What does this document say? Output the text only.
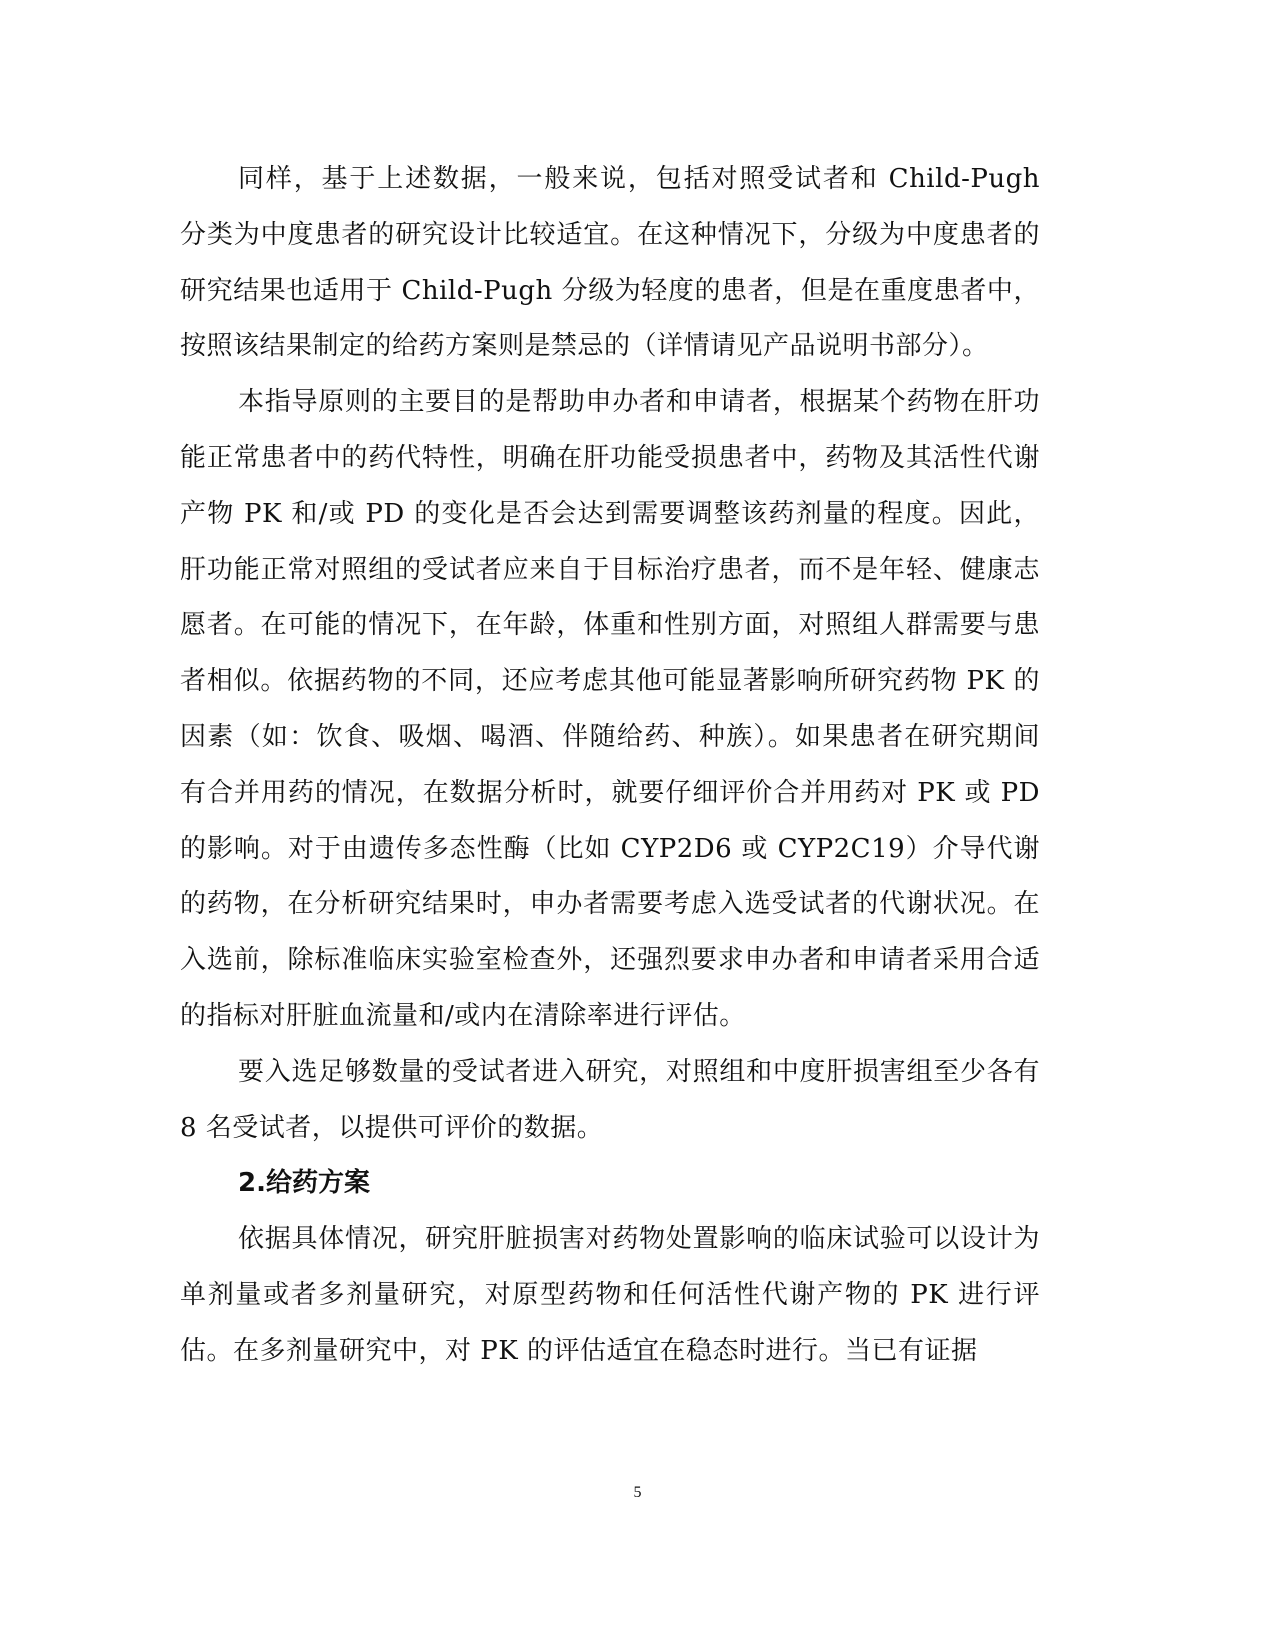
同样，基于上述数据，一般来说，包括对照受试者和 Child-Pugh 分类为中度患者的研究设计比较适宜。在这种情况下，分级为中度患者的研究结果也适用于 Child-Pugh 分级为轻度的患者，但是在重度患者中，按照该结果制定的给药方案则是禁忌的（详情请见产品说明书部分）。

本指导原则的主要目的是帮助申办者和申请者，根据某个药物在肝功能正常患者中的药代特性，明确在肝功能受损患者中，药物及其活性代谢产物 PK 和/或 PD 的变化是否会达到需要调整该药剂量的程度。因此，肝功能正常对照组的受试者应来自于目标治疗患者，而不是年轻、健康志愿者。在可能的情况下，在年龄，体重和性别方面，对照组人群需要与患者相似。依据药物的不同，还应考虑其他可能显著影响所研究药物 PK 的因素（如：饮食、吸烟、喝酒、伴随给药、种族）。如果患者在研究期间有合并用药的情况，在数据分析时，就要仔细评价合并用药对 PK 或 PD 的影响。对于由遗传多态性酶（比如 CYP2D6 或 CYP2C19）介导代谢的药物，在分析研究结果时，申办者需要考虑入选受试者的代谢状况。在入选前，除标准临床实验室检查外，还强烈要求申办者和申请者采用合适的指标对肝脏血流量和/或内在清除率进行评估。

要入选足够数量的受试者进入研究，对照组和中度肝损害组至少各有 8 名受试者，以提供可评价的数据。

2.给药方案

依据具体情况，研究肝脏损害对药物处置影响的临床试验可以设计为单剂量或者多剂量研究，对原型药物和任何活性代谢产物的 PK 进行评估。在多剂量研究中，对 PK 的评估适宜在稳态时进行。当已有证据

5
